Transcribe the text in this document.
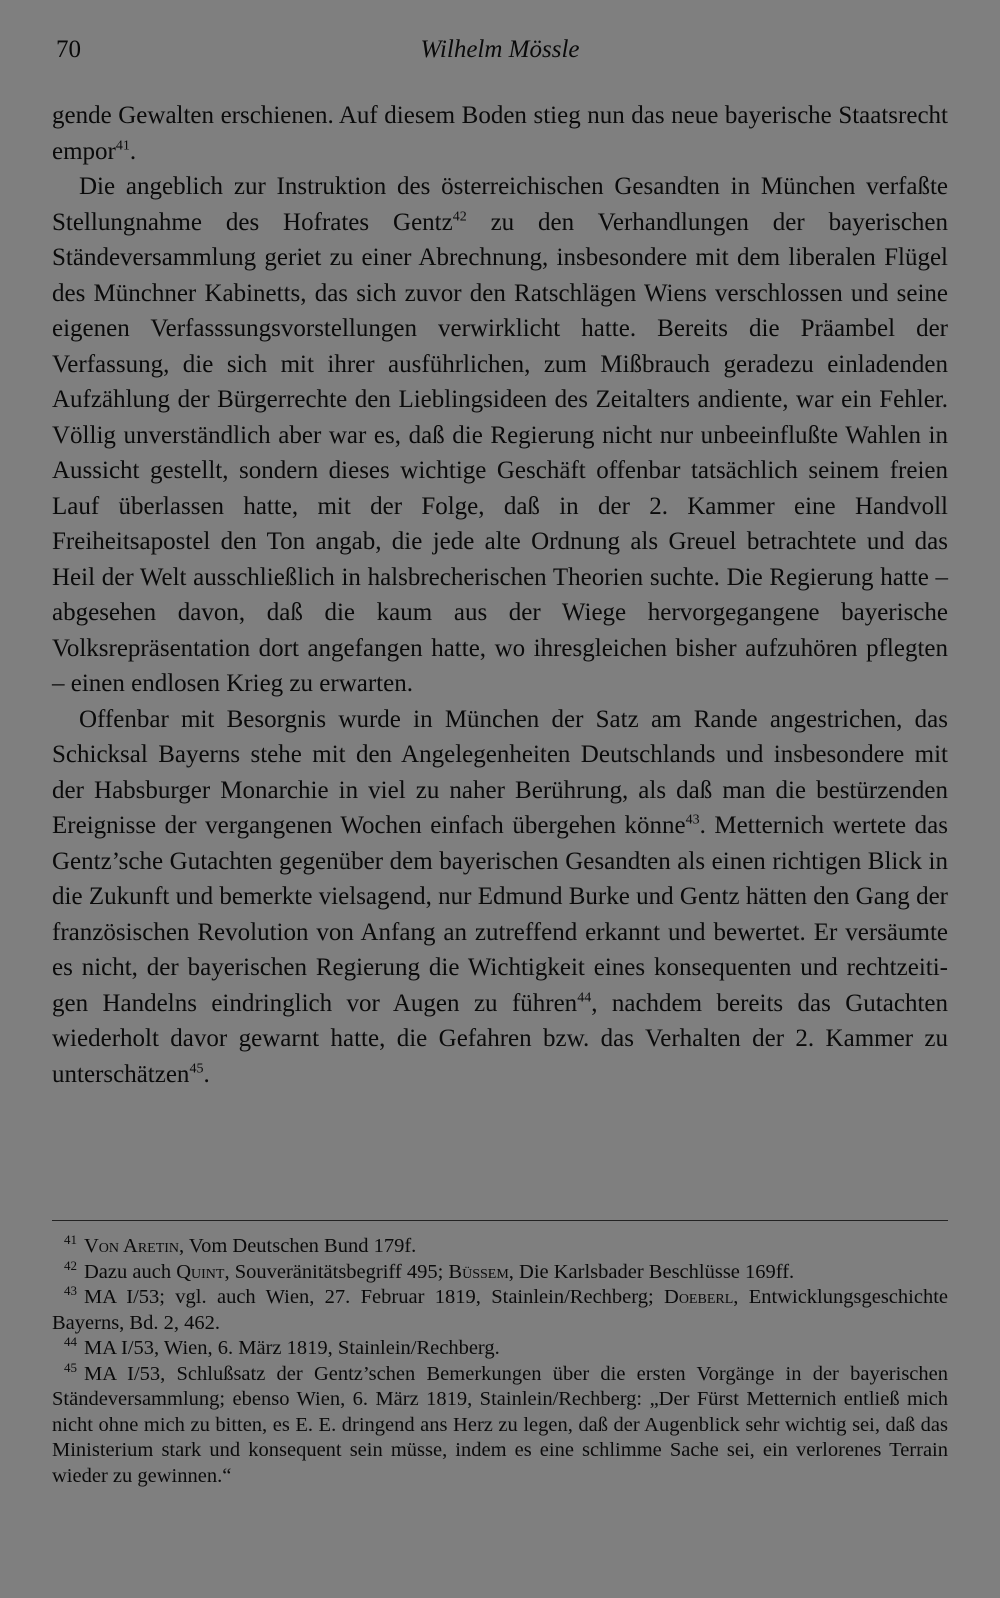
70	Wilhelm Mössle

gende Gewalten erschienen. Auf diesem Boden stieg nun das neue bayerische Staatsrecht empor$^{41}$.

Die angeblich zur Instruktion des österreichischen Gesandten in München verfaßte Stellungnahme des Hofrates Gentz$^{42}$ zu den Verhandlungen der bayerischen Ständeversammlung geriet zu einer Abrechnung, insbesondere mit dem liberalen Flügel des Münchner Kabinetts, das sich zuvor den Ratschlägen Wiens verschlossen und seine eigenen Verfasssungsvorstellungen verwirklicht hatte. Bereits die Präambel der Verfassung, die sich mit ihrer ausführlichen, zum Mißbrauch geradezu einladenden Aufzählung der Bürgerrechte den Lieblingsideen des Zeitalters andiente, war ein Fehler. Völlig unverständlich aber war es, daß die Regierung nicht nur unbeeinflußte Wahlen in Aussicht gestellt, sondern dieses wichtige Geschäft offenbar tatsächlich seinem freien Lauf überlassen hatte, mit der Folge, daß in der 2. Kammer eine Handvoll Freiheitsapostel den Ton angab, die jede alte Ordnung als Greuel betrachtete und das Heil der Welt ausschließlich in halsbrecherischen Theorien suchte. Die Regierung hatte – abgesehen davon, daß die kaum aus der Wiege hervorgegangene bayerische Volksrepräsentation dort angefangen hatte, wo ihresgleichen bisher aufzuhören pflegten – einen endlosen Krieg zu erwarten.

Offenbar mit Besorgnis wurde in München der Satz am Rande angestrichen, das Schicksal Bayerns stehe mit den Angelegenheiten Deutschlands und insbesondere mit der Habsburger Monarchie in viel zu naher Berührung, als daß man die bestürzenden Ereignisse der vergangenen Wochen einfach übergehen könne$^{43}$. Metternich wertete das Gentz’sche Gutachten gegenüber dem bayerischen Gesandten als einen richtigen Blick in die Zukunft und bemerkte vielsagend, nur Edmund Burke und Gentz hätten den Gang der französischen Revolution von Anfang an zutreffend erkannt und bewertet. Er versäumte es nicht, der bayerischen Regierung die Wichtigkeit eines konsequenten und rechtzeitigen Handelns eindringlich vor Augen zu führen$^{44}$, nachdem bereits das Gutachten wiederholt davor gewarnt hatte, die Gefahren bzw. das Verhalten der 2. Kammer zu unterschätzen$^{45}$.

$^{41}$ Von Aretin, Vom Deutschen Bund 179f.

$^{42}$ Dazu auch Quint, Souveränitätsbegriff 495; Büssem, Die Karlsbader Beschlüsse 169ff.

$^{43}$ MA I/53; vgl. auch Wien, 27. Februar 1819, Stainlein/Rechberg; Doeberl, Entwicklungsgeschichte Bayerns, Bd. 2, 462.

$^{44}$ MA I/53, Wien, 6. März 1819, Stainlein/Rechberg.

$^{45}$ MA I/53, Schlußsatz der Gentz’schen Bemerkungen über die ersten Vorgänge in der bayerischen Ständeversammlung; ebenso Wien, 6. März 1819, Stainlein/Rechberg: „Der Fürst Metternich entließ mich nicht ohne mich zu bitten, es E. E. dringend ans Herz zu legen, daß der Augenblick sehr wichtig sei, daß das Ministerium stark und konsequent sein müsse, indem es eine schlimme Sache sei, ein verlorenes Terrain wieder zu gewinnen.“
